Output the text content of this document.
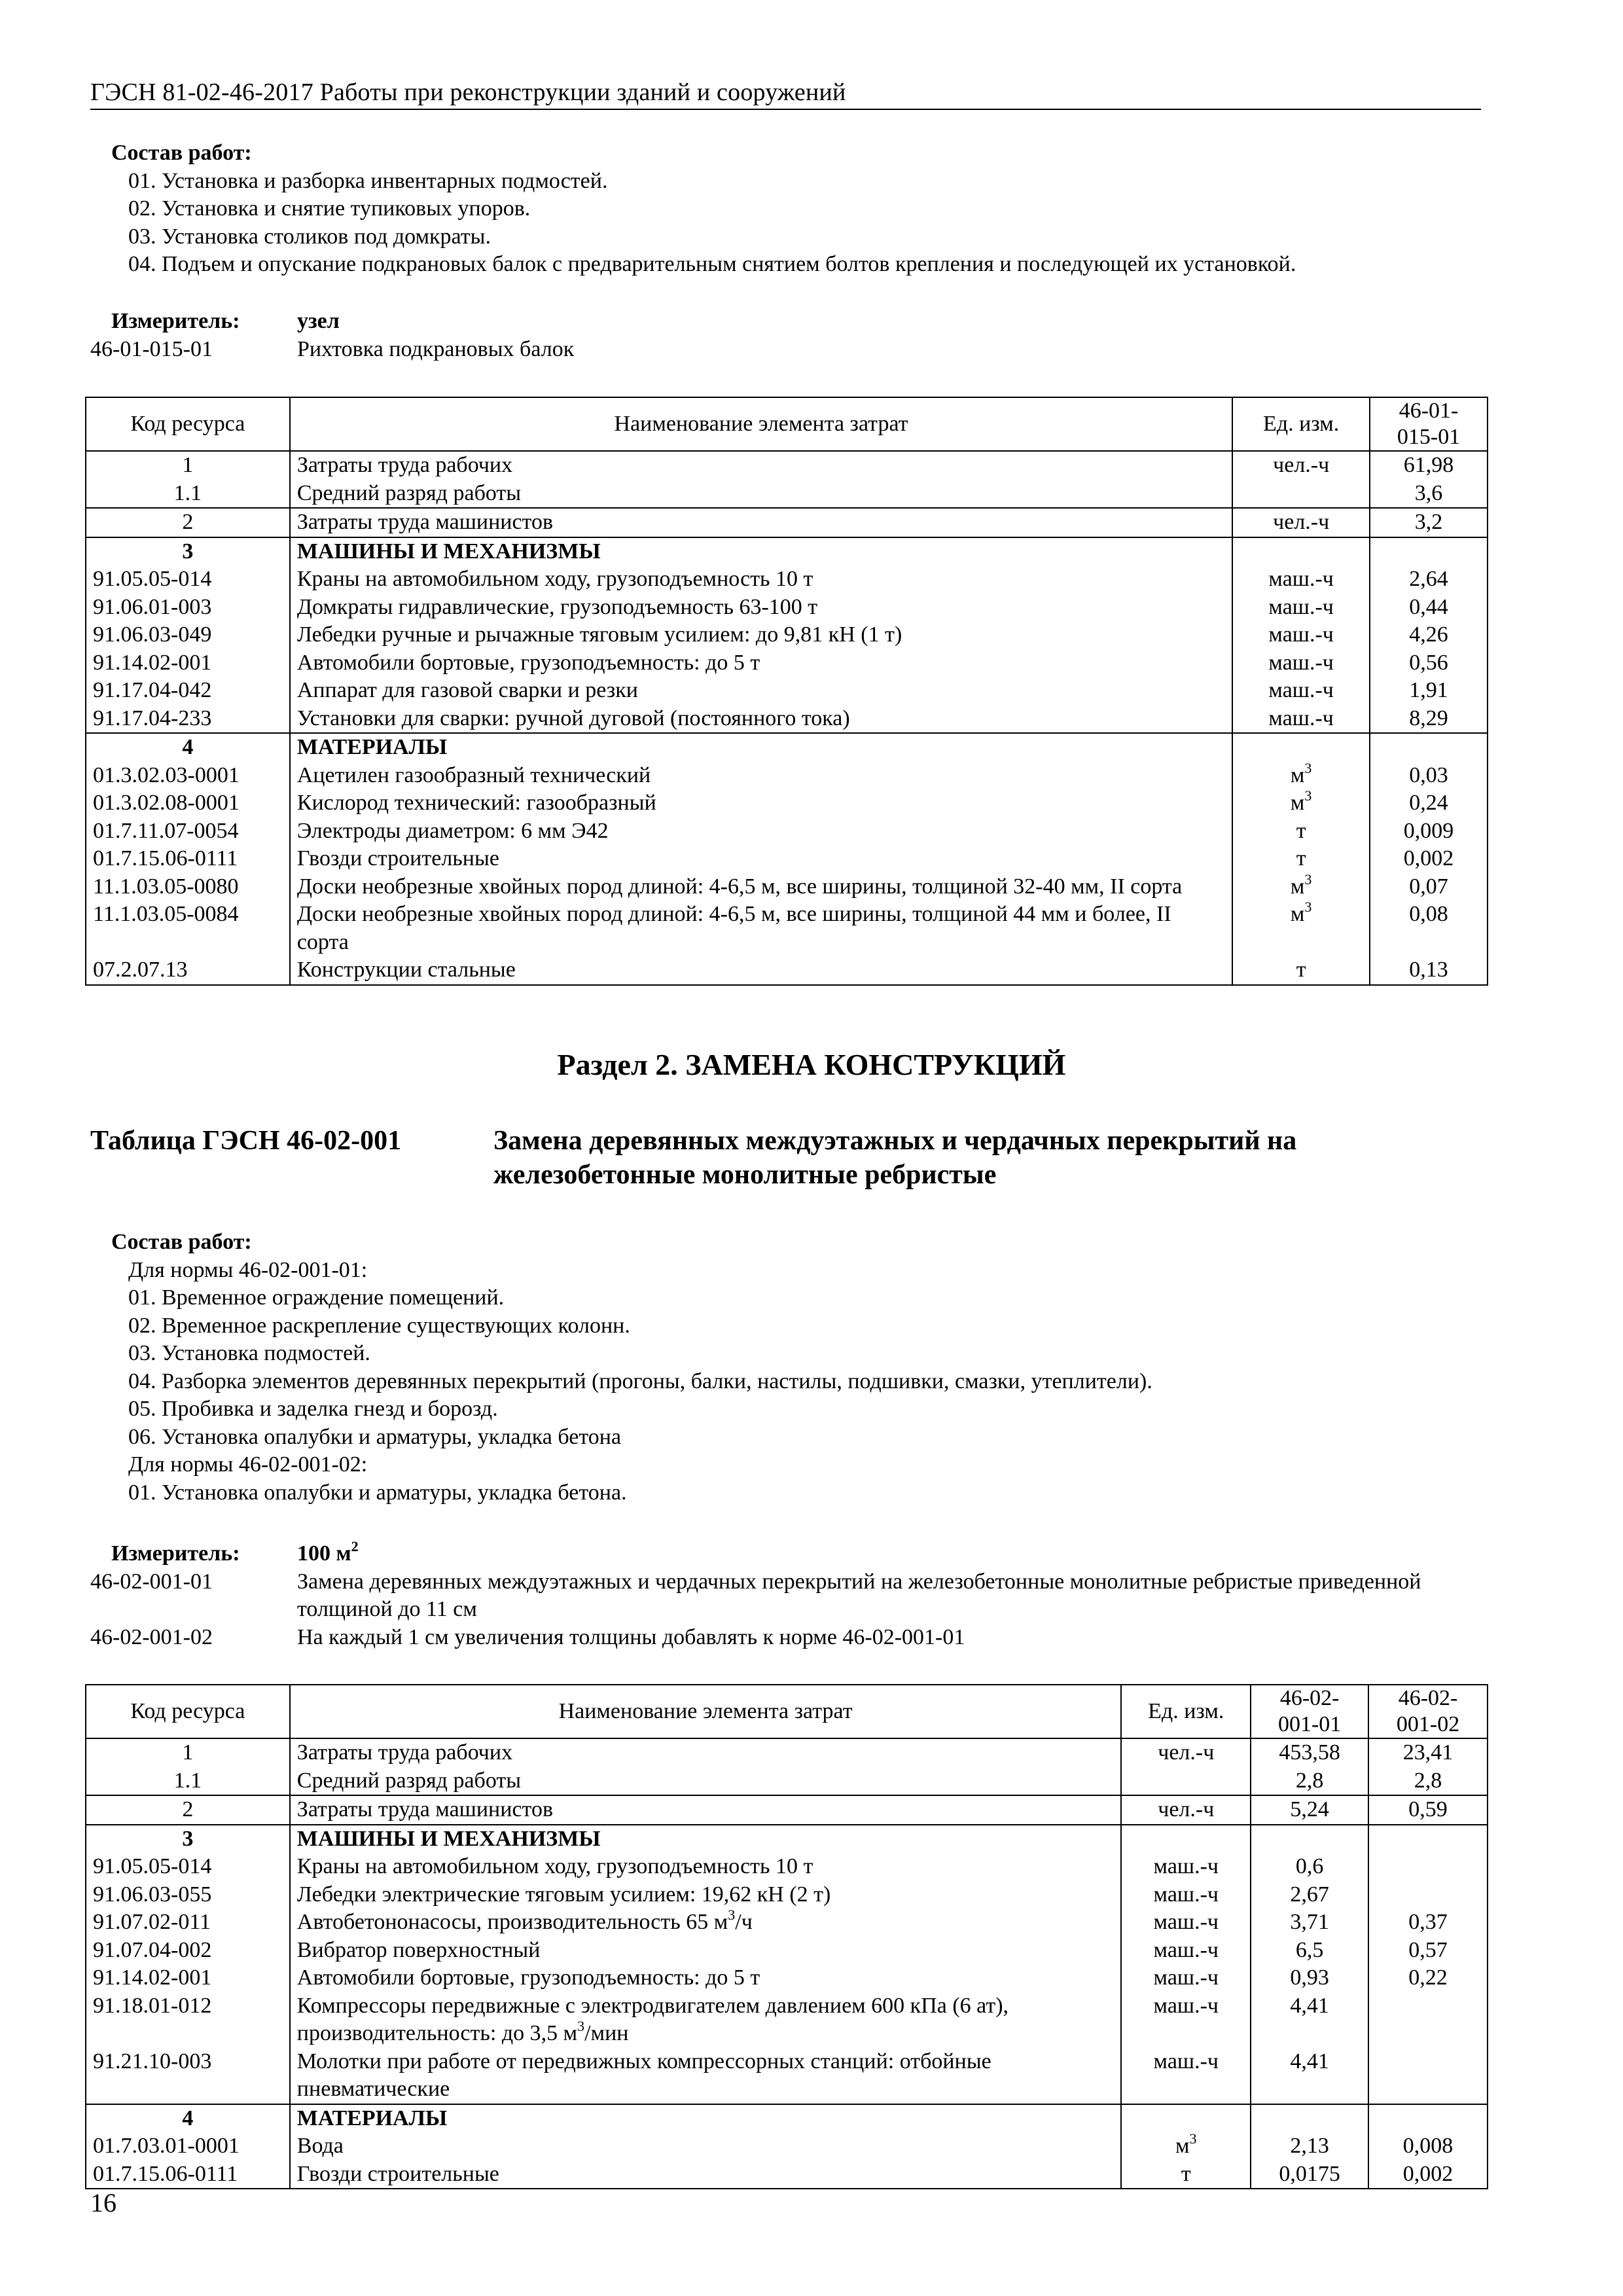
ГЭСН 81-02-46-2017 Работы при реконструкции зданий и сооружений
Состав работ:
01. Установка и разборка инвентарных подмостей.
02. Установка и снятие тупиковых упоров.
03. Установка столиков под домкраты.
04. Подъем и опускание подкрановых балок с предварительным снятием болтов крепления и последующей их установкой.
Измеритель:	узел
46-01-015-01	Рихтовка подкрановых балок
Код ресурса	Наименование элемента затрат	Ед. изм.	46-01-
015-01
1	Затраты труда рабочих	чел.-ч	61,98
1.1	Средний разряд работы		3,6
2	Затраты труда машинистов	чел.-ч	3,2
3	МАШИНЫ И МЕХАНИЗМЫ		
91.05.05-014	Краны на автомобильном ходу, грузоподъемность 10 т	маш.-ч	2,64
91.06.01-003	Домкраты гидравлические, грузоподъемность 63-100 т	маш.-ч	0,44
91.06.03-049	Лебедки ручные и рычажные тяговым усилием: до 9,81 кН (1 т)	маш.-ч	4,26
91.14.02-001	Автомобили бортовые, грузоподъемность: до 5 т	маш.-ч	0,56
91.17.04-042	Аппарат для газовой сварки и резки	маш.-ч	1,91
91.17.04-233	Установки для сварки: ручной дуговой (постоянного тока)	маш.-ч	8,29
4	МАТЕРИАЛЫ		
01.3.02.03-0001	Ацетилен газообразный технический	$м^3$	0,03
01.3.02.08-0001	Кислород технический: газообразный	$м^3$	0,24
01.7.11.07-0054	Электроды диаметром: 6 мм Э42	т	0,009
01.7.15.06-0111	Гвозди строительные	т	0,002
11.1.03.05-0080	Доски необрезные хвойных пород длиной: 4-6,5 м, все ширины, толщиной 32-40 мм, II сорта	$м^3$	0,07
11.1.03.05-0084	Доски необрезные хвойных пород длиной: 4-6,5 м, все ширины, толщиной 44 мм и более, II сорта	$м^3$	0,08
07.2.07.13	Конструкции стальные	т	0,13
Раздел 2. ЗАМЕНА КОНСТРУКЦИЙ
Таблица ГЭСН 46-02-001	Замена деревянных междуэтажных и чердачных перекрытий на железобетонные монолитные ребристые
Состав работ:
Для нормы 46-02-001-01:
01. Временное ограждение помещений.
02. Временное раскрепление существующих колонн.
03. Установка подмостей.
04. Разборка элементов деревянных перекрытий (прогоны, балки, настилы, подшивки, смазки, утеплители).
05. Пробивка и заделка гнезд и борозд.
06. Установка опалубки и арматуры, укладка бетона
Для нормы 46-02-001-02:
01. Установка опалубки и арматуры, укладка бетона.
Измеритель:	100 $м^2$
46-02-001-01	Замена деревянных междуэтажных и чердачных перекрытий на железобетонные монолитные ребристые приведенной толщиной до 11 см
46-02-001-02	На каждый 1 см увеличения толщины добавлять к норме 46-02-001-01
Код ресурса	Наименование элемента затрат	Ед. изм.	46-02-
001-01	46-02-
001-02
1	Затраты труда рабочих	чел.-ч	453,58	23,41
1.1	Средний разряд работы		2,8	2,8
2	Затраты труда машинистов	чел.-ч	5,24	0,59
3	МАШИНЫ И МЕХАНИЗМЫ			
91.05.05-014	Краны на автомобильном ходу, грузоподъемность 10 т	маш.-ч	0,6	
91.06.03-055	Лебедки электрические тяговым усилием: 19,62 кН (2 т)	маш.-ч	2,67	
91.07.02-011	Автобетононасосы, производительность 65 $м^3/ч$	маш.-ч	3,71	0,37
91.07.04-002	Вибратор поверхностный	маш.-ч	6,5	0,57
91.14.02-001	Автомобили бортовые, грузоподъемность: до 5 т	маш.-ч	0,93	0,22
91.18.01-012	Компрессоры передвижные с электродвигателем давлением 600 кПа (6 ат), производительность: до 3,5 $м^3$/мин	маш.-ч	4,41	
91.21.10-003	Молотки при работе от передвижных компрессорных станций: отбойные пневматические	маш.-ч	4,41	
4	МАТЕРИАЛЫ			
01.7.03.01-0001	Вода	$м^3$	2,13	0,008
01.7.15.06-0111	Гвозди строительные	т	0,0175	0,002
16
